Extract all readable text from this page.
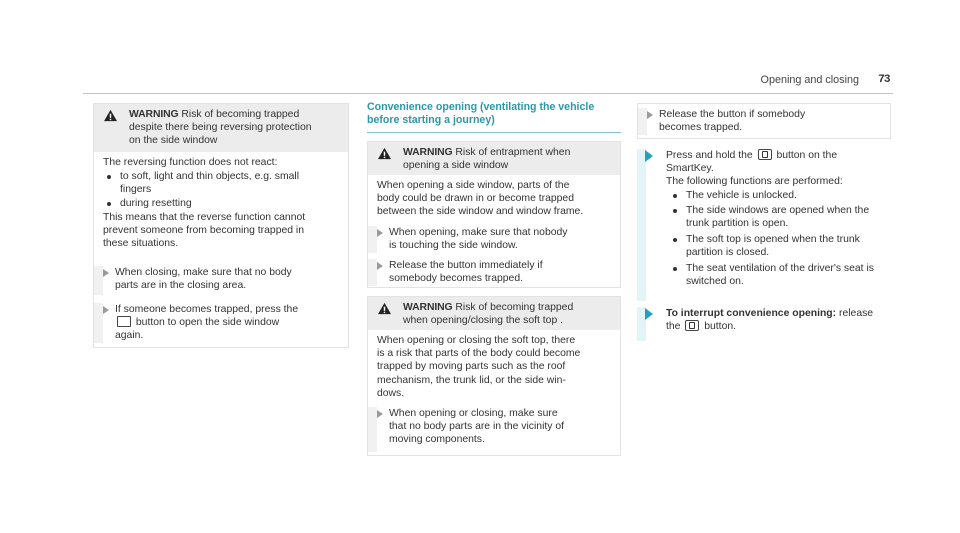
Opening and closing	73
WARNING Risk of becoming trapped
despite there being reversing protection
on the side window
The reversing function does not react:
to soft, light and thin objects, e.g. small
fingers
during resetting
This means that the reverse function cannot
prevent someone from becoming trapped in
these situations.
When closing, make sure that no body
parts are in the closing area.
If someone becomes trapped, press the
button to open the side window
again.
Convenience opening (ventilating the vehicle
before starting a journey)
WARNING Risk of entrapment when
opening a side window
When opening a side window, parts of the
body could be drawn in or become trapped
between the side window and window frame.
When opening, make sure that nobody
is touching the side window.
Release the button immediately if
somebody becomes trapped.
WARNING Risk of becoming trapped
when opening/closing the soft top .
When opening or closing the soft top, there
is a risk that parts of the body could become
trapped by moving parts such as the roof
mechanism, the trunk lid, or the side win-
dows.
When opening or closing, make sure
that no body parts are in the vicinity of
moving components.
Release the button if somebody
becomes trapped.
Press and hold the button on the
SmartKey.
The following functions are performed:
The vehicle is unlocked.
The side windows are opened when the
trunk partition is open.
The soft top is opened when the trunk
partition is closed.
The seat ventilation of the driver's seat is
switched on.
To interrupt convenience opening: release
the button.
